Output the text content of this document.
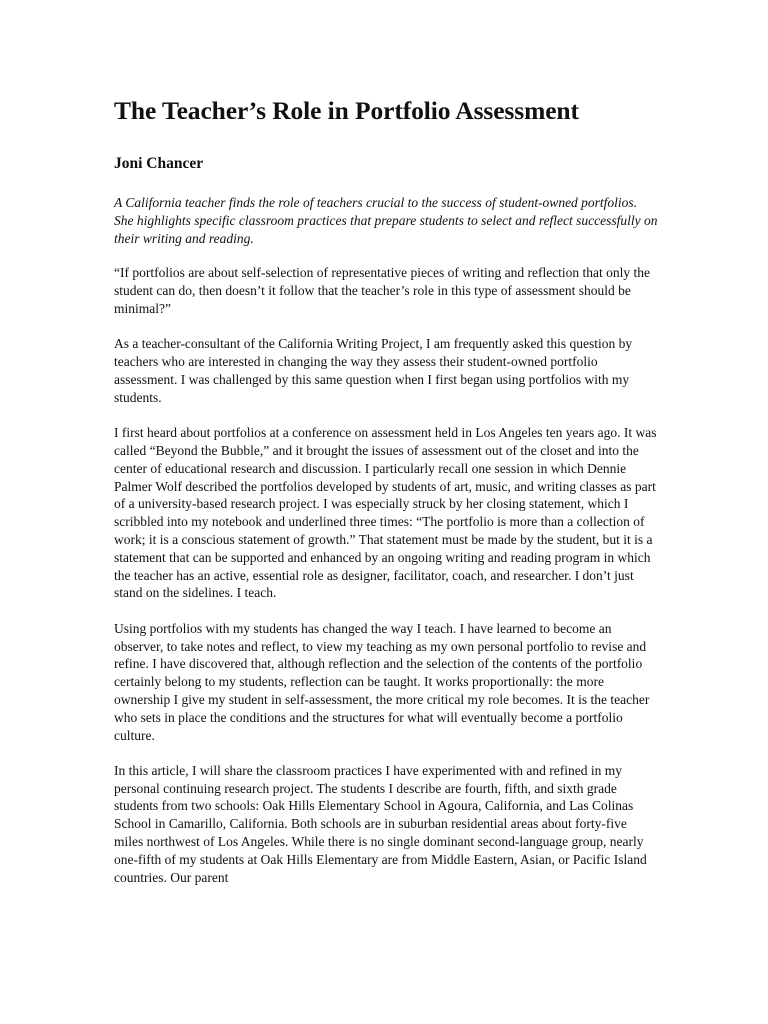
The Teacher’s Role in Portfolio Assessment

Joni Chancer

A California teacher finds the role of teachers crucial to the success of student-owned portfolios. She highlights specific classroom practices that prepare students to select and reflect successfully on their writing and reading.

“If portfolios are about self-selection of representative pieces of writing and reflection that only the student can do, then doesn’t it follow that the teacher’s role in this type of assessment should be minimal?”

As a teacher-consultant of the California Writing Project, I am frequently asked this question by teachers who are interested in changing the way they assess their student-owned portfolio assessment. I was challenged by this same question when I first began using portfolios with my students.

I first heard about portfolios at a conference on assessment held in Los Angeles ten years ago. It was called “Beyond the Bubble,” and it brought the issues of assessment out of the closet and into the center of educational research and discussion. I particularly recall one session in which Dennie Palmer Wolf described the portfolios developed by students of art, music, and writing classes as part of a university-based research project. I was especially struck by her closing statement, which I scribbled into my notebook and underlined three times: “The portfolio is more than a collection of work; it is a conscious statement of growth.” That statement must be made by the student, but it is a statement that can be supported and enhanced by an ongoing writing and reading program in which the teacher has an active, essential role as designer, facilitator, coach, and researcher. I don’t just stand on the sidelines. I teach.

Using portfolios with my students has changed the way I teach. I have learned to become an observer, to take notes and reflect, to view my teaching as my own personal portfolio to revise and refine. I have discovered that, although reflection and the selection of the contents of the portfolio certainly belong to my students, reflection can be taught. It works proportionally: the more ownership I give my student in self-assessment, the more critical my role becomes. It is the teacher who sets in place the conditions and the structures for what will eventually become a portfolio culture.

In this article, I will share the classroom practices I have experimented with and refined in my personal continuing research project. The students I describe are fourth, fifth, and sixth grade students from two schools: Oak Hills Elementary School in Agoura, California, and Las Colinas School in Camarillo, California. Both schools are in suburban residential areas about forty-five miles northwest of Los Angeles. While there is no single dominant second-language group, nearly one-fifth of my students at Oak Hills Elementary are from Middle Eastern, Asian, or Pacific Island countries. Our parent
